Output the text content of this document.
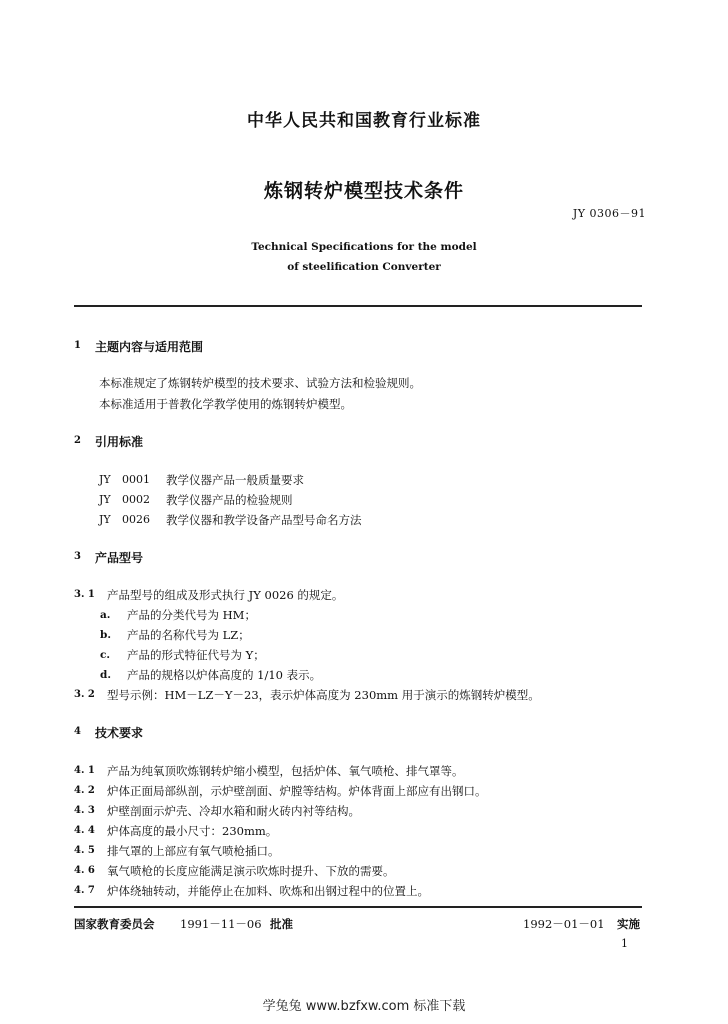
中华人民共和国教育行业标准
炼钢转炉模型技术条件
JY 0306－91
Technical Specifications for the model
of steelification Converter
1 主题内容与适用范围
本标准规定了炼钢转炉模型的技术要求、试验方法和检验规则。
本标准适用于普教化学教学使用的炼钢转炉模型。
2 引用标准
JY 0001 教学仪器产品一般质量要求
JY 0002 教学仪器产品的检验规则
JY 0026 教学仪器和教学设备产品型号命名方法
3 产品型号
3. 1 产品型号的组成及形式执行 JY 0026 的规定。
a. 产品的分类代号为 HM；
b. 产品的名称代号为 LZ；
c. 产品的形式特征代号为 Y；
d. 产品的规格以炉体高度的 1/10 表示。
3. 2 型号示例：HM－LZ－Y－23，表示炉体高度为 230mm 用于演示的炼钢转炉模型。
4 技术要求
4. 1 产品为纯氧顶吹炼钢转炉缩小模型，包括炉体、氧气喷枪、排气罩等。
4. 2 炉体正面局部纵剖，示炉壁剖面、炉膛等结构。炉体背面上部应有出钢口。
4. 3 炉壁剖面示炉壳、冷却水箱和耐火砖内衬等结构。
4. 4 炉体高度的最小尺寸：230mm。
4. 5 排气罩的上部应有氧气喷枪插口。
4. 6 氧气喷枪的长度应能满足演示吹炼时提升、下放的需要。
4. 7 炉体绕轴转动，并能停止在加料、吹炼和出钢过程中的位置上。
国家教育委员会 1991－11－06 批准	1992－01－01 实施
1
学兔兔 www.bzfxw.com 标准下载
